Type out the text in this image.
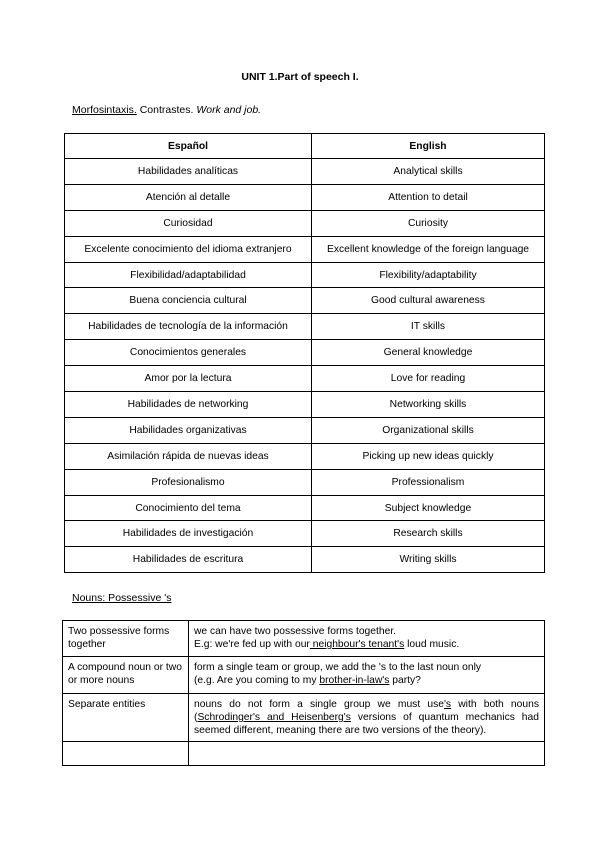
UNIT 1.Part of speech I.
Morfosintaxis. Contrastes. Work and job.
Español	English
Habilidades analíticas	Analytical skills
Atención al detalle	Attention to detail
Curiosidad	Curiosity
Excelente conocimiento del idioma extranjero	Excellent knowledge of the foreign language
Flexibilidad/adaptabilidad	Flexibility/adaptability
Buena conciencia cultural	Good cultural awareness
Habilidades de tecnología de la información	IT skills
Conocimientos generales	General knowledge
Amor por la lectura	Love for reading
Habilidades de networking	Networking skills
Habilidades organizativas	Organizational skills
Asimilación rápida de nuevas ideas	Picking up new ideas quickly
Profesionalismo	Professionalism
Conocimiento del tema	Subject knowledge
Habilidades de investigación	Research skills
Habilidades de escritura	Writing skills
Nouns: Possessive 's
Two possessive forms together	we can have two possessive forms together.
E.g: we're fed up with our neighbour's tenant's loud music.
A compound noun or two or more nouns	form a single team or group, we add the 's to the last noun only
(e.g. Are you coming to my brother-in-law's party?
Separate entities	nouns do not form a single group we must use's with both nouns (Schrodinger's and Heisenberg's versions of quantum mechanics had seemed different, meaning there are two versions of the theory).
